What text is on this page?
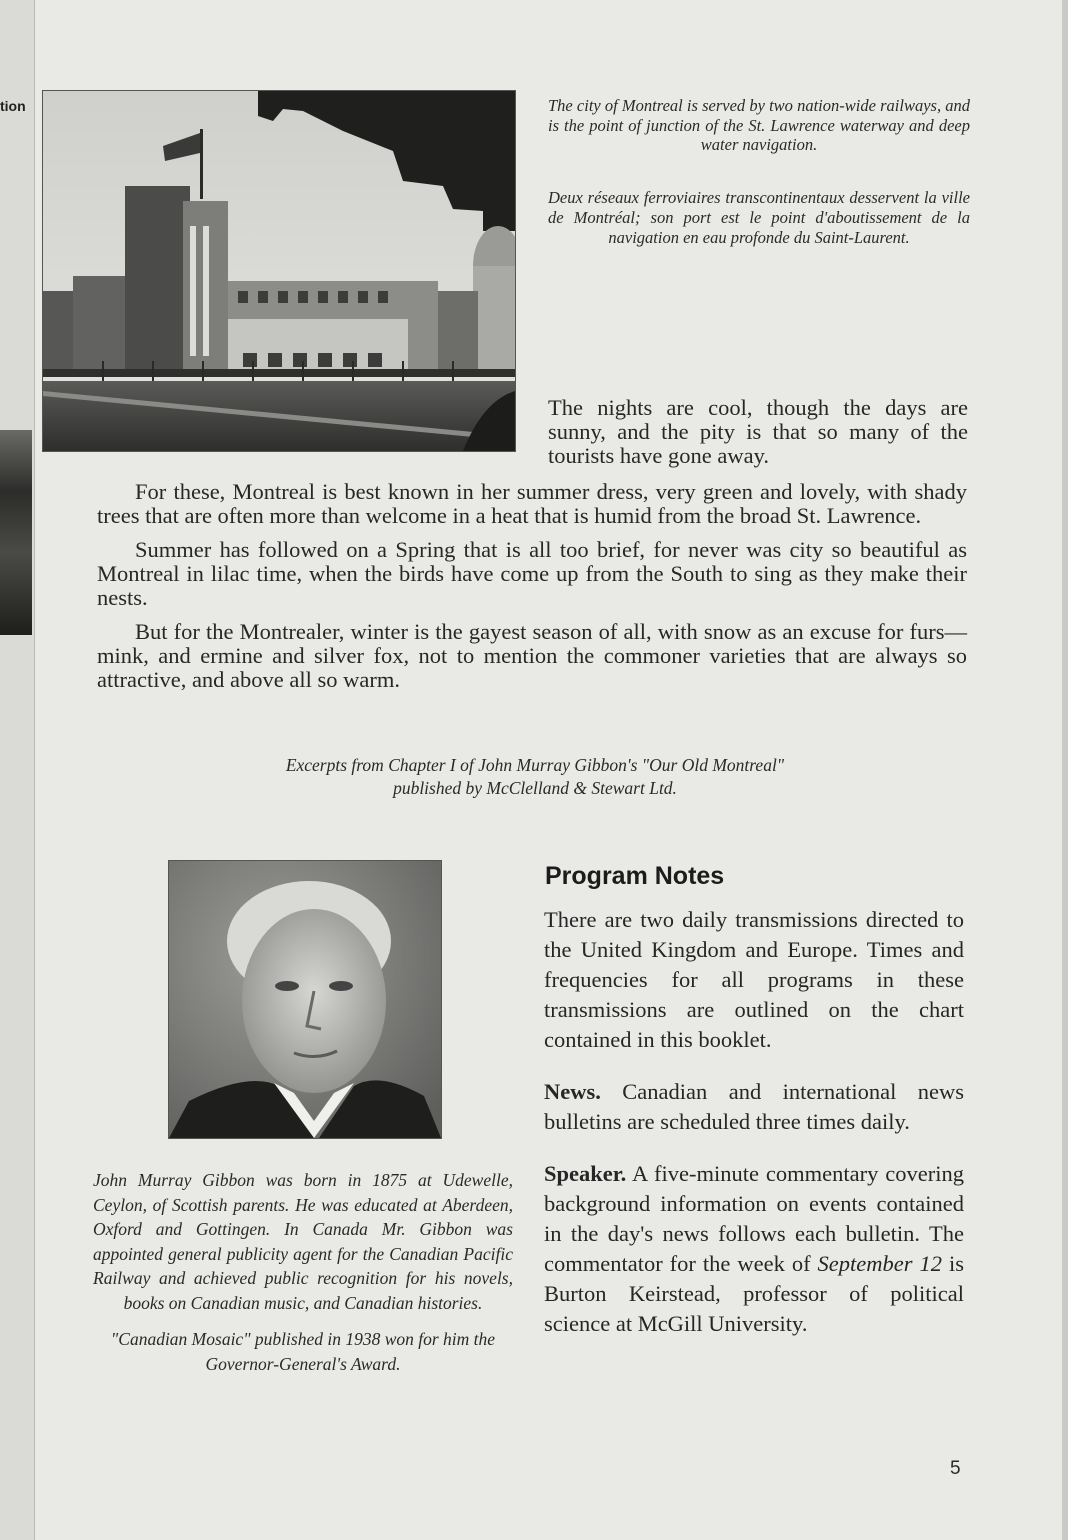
tion	The city of Montreal is served by two nation-wide railways, and is the point of junction of the St. Lawrence waterway and deep water navigation.
Deux réseaux ferroviaires transcontinentaux desservent la ville de Montréal; son port est le point d'aboutissement de la navigation en eau profonde du Saint-Laurent.

The nights are cool, though the days are sunny, and the pity is that so many of the tourists have gone away.

For these, Montreal is best known in her summer dress, very green and lovely, with shady trees that are often more than welcome in a heat that is humid from the broad St. Lawrence.

Summer has followed on a Spring that is all too brief, for never was city so beautiful as Montreal in lilac time, when the birds have come up from the South to sing as they make their nests.

But for the Montrealer, winter is the gayest season of all, with snow as an excuse for furs—mink, and ermine and silver fox, not to mention the commoner varieties that are always so attractive, and above all so warm.

Excerpts from Chapter I of John Murray Gibbon's "Our Old Montreal"
published by McClelland & Stewart Ltd.
John Murray Gibbon was born in 1875 at Udewelle, Ceylon, of Scottish parents. He was educated at Aberdeen, Oxford and Gottingen. In Canada Mr. Gibbon was appointed general publicity agent for the Canadian Pacific Railway and achieved public recognition for his novels, books on Canadian music, and Canadian histories.
"Canadian Mosaic" published in 1938 won for him the Governor-General's Award.
Program Notes

There are two daily transmissions directed to the United Kingdom and Europe. Times and frequencies for all programs in these transmissions are outlined on the chart contained in this booklet.

News. Canadian and international news bulletins are scheduled three times daily.

Speaker. A five-minute commentary covering background information on events contained in the day's news follows each bulletin. The commentator for the week of September 12 is Burton Keirstead, professor of political science at McGill University.

5
